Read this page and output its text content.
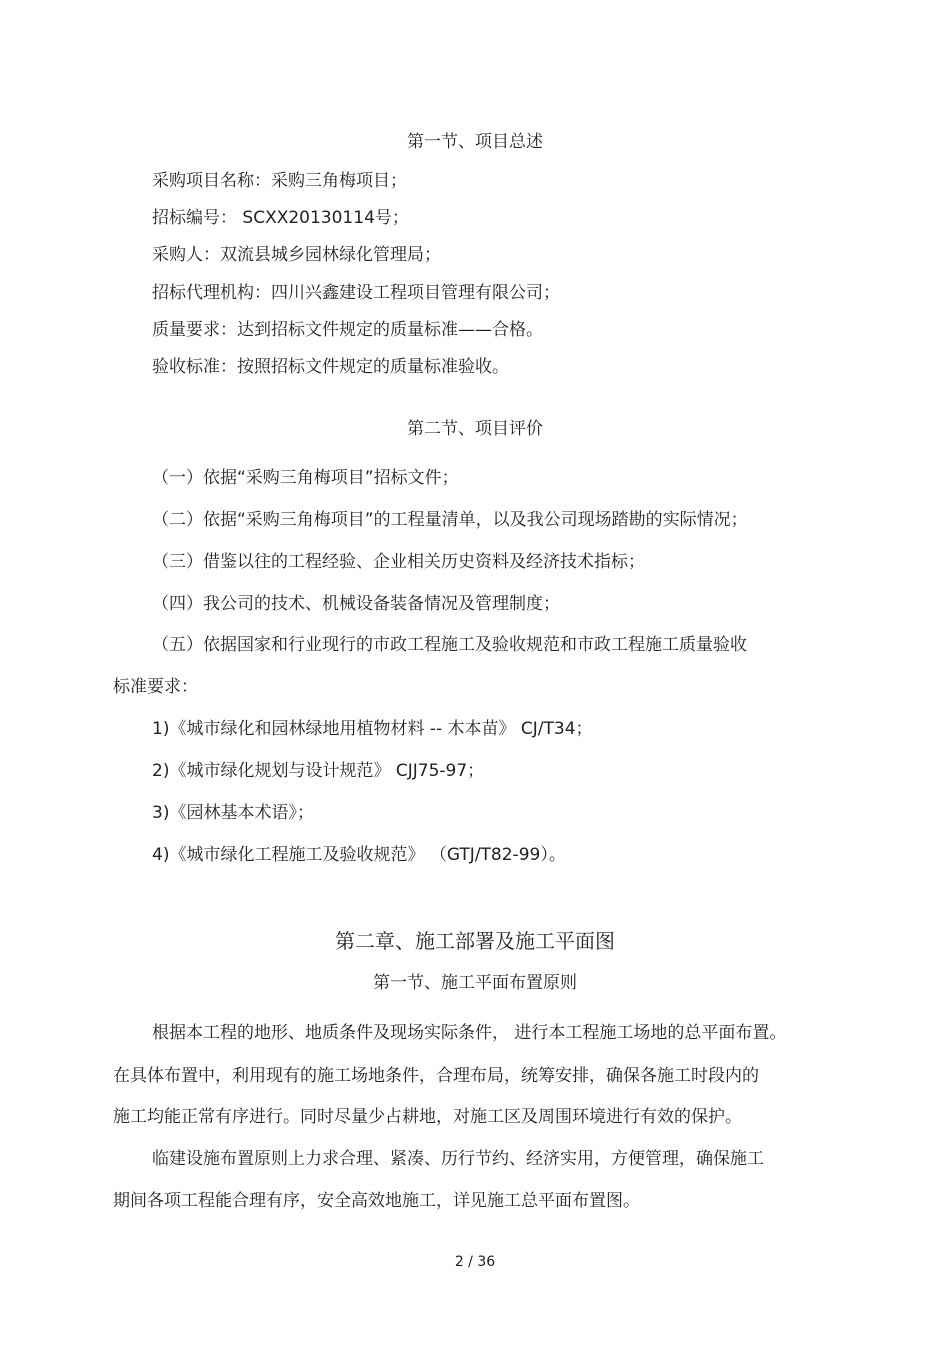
第一节、项目总述
采购项目名称：采购三角梅项目；
招标编号： SCXX20130114号；
采购人：双流县城乡园林绿化管理局；
招标代理机构：四川兴鑫建设工程项目管理有限公司；
质量要求：达到招标文件规定的质量标准——合格。
验收标准：按照招标文件规定的质量标准验收。
第二节、项目评价
（一）依据“采购三角梅项目”招标文件；
（二）依据“采购三角梅项目”的工程量清单，以及我公司现场踏勘的实际情况；
（三）借鉴以往的工程经验、企业相关历史资料及经济技术指标；
（四）我公司的技术、机械设备装备情况及管理制度；
（五）依据国家和行业现行的市政工程施工及验收规范和市政工程施工质量验收
标准要求：
1)《城市绿化和园林绿地用植物材料 -- 木本苗》 CJ/T34；
2)《城市绿化规划与设计规范》 CJJ75-97；
3)《园林基本术语》；
4)《城市绿化工程施工及验收规范》 （GTJ/T82-99）。
第二章、施工部署及施工平面图
第一节、施工平面布置原则
根据本工程的地形、地质条件及现场实际条件， 进行本工程施工场地的总平面布置。
在具体布置中，利用现有的施工场地条件，合理布局，统筹安排，确保各施工时段内的
施工均能正常有序进行。同时尽量少占耕地，对施工区及周围环境进行有效的保护。
临建设施布置原则上力求合理、紧凑、历行节约、经济实用，方便管理，确保施工
期间各项工程能合理有序，安全高效地施工，详见施工总平面布置图。
2 / 36
